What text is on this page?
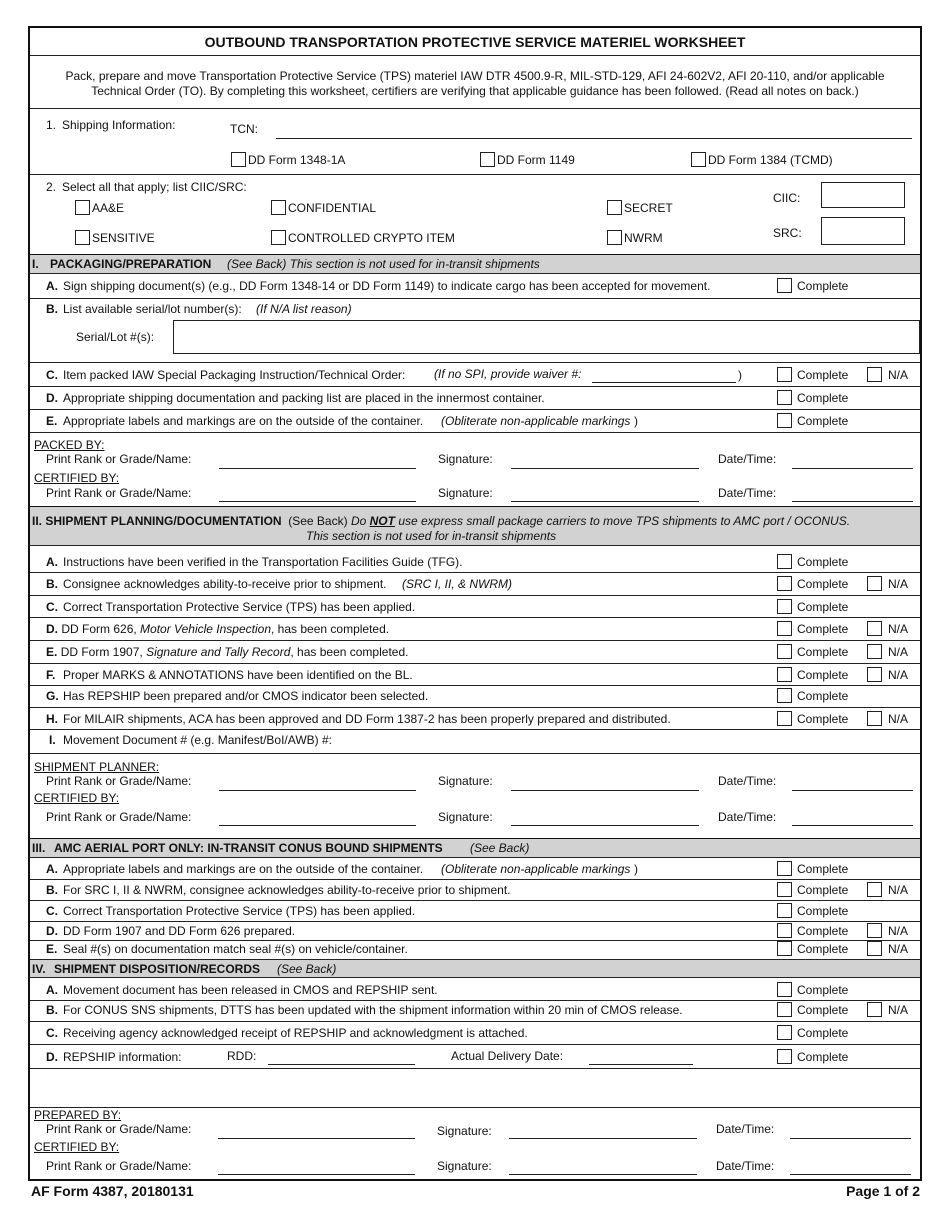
OUTBOUND TRANSPORTATION PROTECTIVE SERVICE MATERIEL WORKSHEET
Pack, prepare and move Transportation Protective Service (TPS) materiel IAW DTR 4500.9-R, MIL-STD-129, AFI 24-602V2, AFI 20-110, and/or applicable
Technical Order (TO). By completing this worksheet, certifiers are verifying that applicable guidance has been followed. (Read all notes on back.)
1. Shipping Information:	TCN:
DD Form 1348-1A	DD Form 1149	DD Form 1384 (TCMD)
2. Select all that apply; list CIIC/SRC:
AA&E	CONFIDENTIAL	SECRET
CIIC:
SENSITIVE	CONTROLLED CRYPTO ITEM	NWRM	SRC:
I. PACKAGING/PREPARATION (See Back) This section is not used for in-transit shipments
A. Sign shipping document(s) (e.g., DD Form 1348-14 or DD Form 1149) to indicate cargo has been accepted for movement.	Complete
B. List available serial/lot number(s): (If N/A list reason)
Serial/Lot #(s):
C. Item packed IAW Special Packaging Instruction/Technical Order: (If no SPI, provide waiver #:	)	Complete	N/A
D. Appropriate shipping documentation and packing list are placed in the innermost container.	Complete
E. Appropriate labels and markings are on the outside of the container. (Obliterate non-applicable markings )	Complete
PACKED BY:
Print Rank or Grade/Name:	Signature:	Date/Time:
CERTIFIED BY:
Print Rank or Grade/Name:	Signature:	Date/Time:
II. SHIPMENT PLANNING/DOCUMENTATION (See Back) Do NOT use express small package carriers to move TPS shipments to AMC port / OCONUS.
This section is not used for in-transit shipments
A. Instructions have been verified in the Transportation Facilities Guide (TFG).	Complete
B. Consignee acknowledges ability-to-receive prior to shipment. (SRC I, II, & NWRM)	Complete	N/A
C. Correct Transportation Protective Service (TPS) has been applied.	Complete
D. DD Form 626, Motor Vehicle Inspection, has been completed.	Complete	N/A
E. DD Form 1907, Signature and Tally Record, has been completed.	Complete	N/A
F. Proper MARKS & ANNOTATIONS have been identified on the BL.	Complete	N/A
G. Has REPSHIP been prepared and/or CMOS indicator been selected.	Complete
H. For MILAIR shipments, ACA has been approved and DD Form 1387-2 has been properly prepared and distributed.	Complete	N/A
I. Movement Document # (e.g. Manifest/BoI/AWB) #:
SHIPMENT PLANNER:
Print Rank or Grade/Name:	Signature:	Date/Time:
CERTIFIED BY:
Print Rank or Grade/Name:	Signature:	Date/Time:
III. AMC AERIAL PORT ONLY: IN-TRANSIT CONUS BOUND SHIPMENTS (See Back)
A. Appropriate labels and markings are on the outside of the container. (Obliterate non-applicable markings )	Complete
B. For SRC I, II & NWRM, consignee acknowledges ability-to-receive prior to shipment.	Complete	N/A
C. Correct Transportation Protective Service (TPS) has been applied.	Complete
D. DD Form 1907 and DD Form 626 prepared.	Complete	N/A
E. Seal #(s) on documentation match seal #(s) on vehicle/container.	Complete	N/A
IV. SHIPMENT DISPOSITION/RECORDS (See Back)
A. Movement document has been released in CMOS and REPSHIP sent.	Complete
B. For CONUS SNS shipments, DTTS has been updated with the shipment information within 20 min of CMOS release.	Complete	N/A
C. Receiving agency acknowledged receipt of REPSHIP and acknowledgment is attached.	Complete
D. REPSHIP information:	RDD:	Actual Delivery Date:	Complete
PREPARED BY:
Print Rank or Grade/Name:	Signature:	Date/Time:
CERTIFIED BY:
Print Rank or Grade/Name:	Signature:	Date/Time:
AF Form 4387, 20180131	Page 1 of 2
